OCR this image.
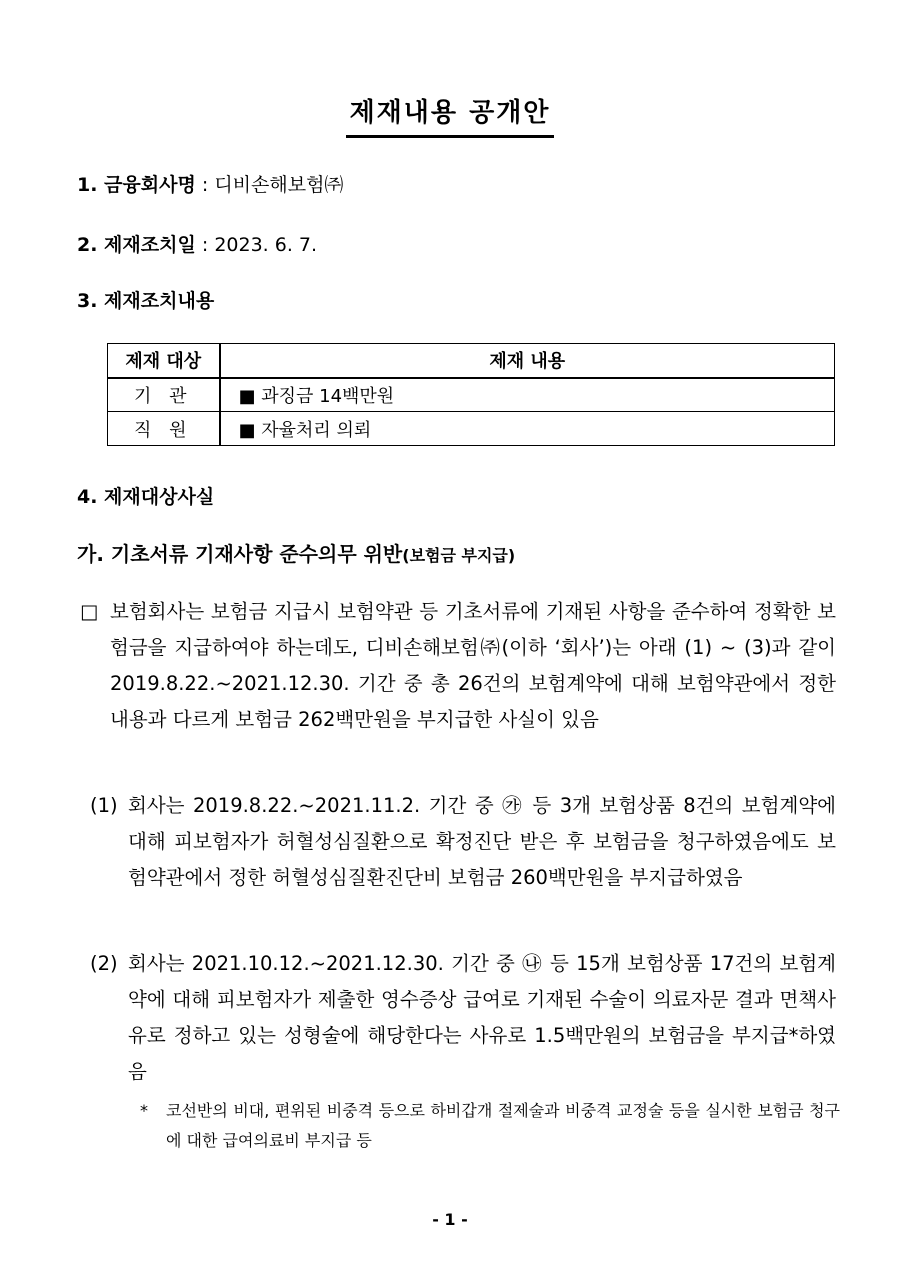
제재내용 공개안
1. 금융회사명 : 디비손해보험㈜
2. 제재조치일 : 2023. 6. 7.
3. 제재조치내용
제재 대상	제재 내용
기 관	■ 과징금 14백만원
직 원	■ 자율처리 의뢰
4. 제재대상사실
가. 기초서류 기재사항 준수의무 위반(보험금 부지급)
□ 보험회사는 보험금 지급시 보험약관 등 기초서류에 기재된 사항을 준수하여 정확한 보험금을 지급하여야 하는데도, 디비손해보험㈜(이하 ‘회사’)는 아래 (1) ~ (3)과 같이 2019.8.22.~2021.12.30. 기간 중 총 26건의 보험계약에 대해 보험약관에서 정한 내용과 다르게 보험금 262백만원을 부지급한 사실이 있음
(1) 회사는 2019.8.22.~2021.11.2. 기간 중 ㉮ 등 3개 보험상품 8건의 보험계약에 대해 피보험자가 허혈성심질환으로 확정진단 받은 후 보험금을 청구하였음에도 보험약관에서 정한 허혈성심질환진단비 보험금 260백만원을 부지급하였음
(2) 회사는 2021.10.12.~2021.12.30. 기간 중 ㉯ 등 15개 보험상품 17건의 보험계약에 대해 피보험자가 제출한 영수증상 급여로 기재된 수술이 의료자문 결과 면책사유로 정하고 있는 성형술에 해당한다는 사유로 1.5백만원의 보험금을 부지급*하였음
* 코선반의 비대, 편위된 비중격 등으로 하비갑개 절제술과 비중격 교정술 등을 실시한 보험금 청구에 대한 급여의료비 부지급 등
- 1 -
